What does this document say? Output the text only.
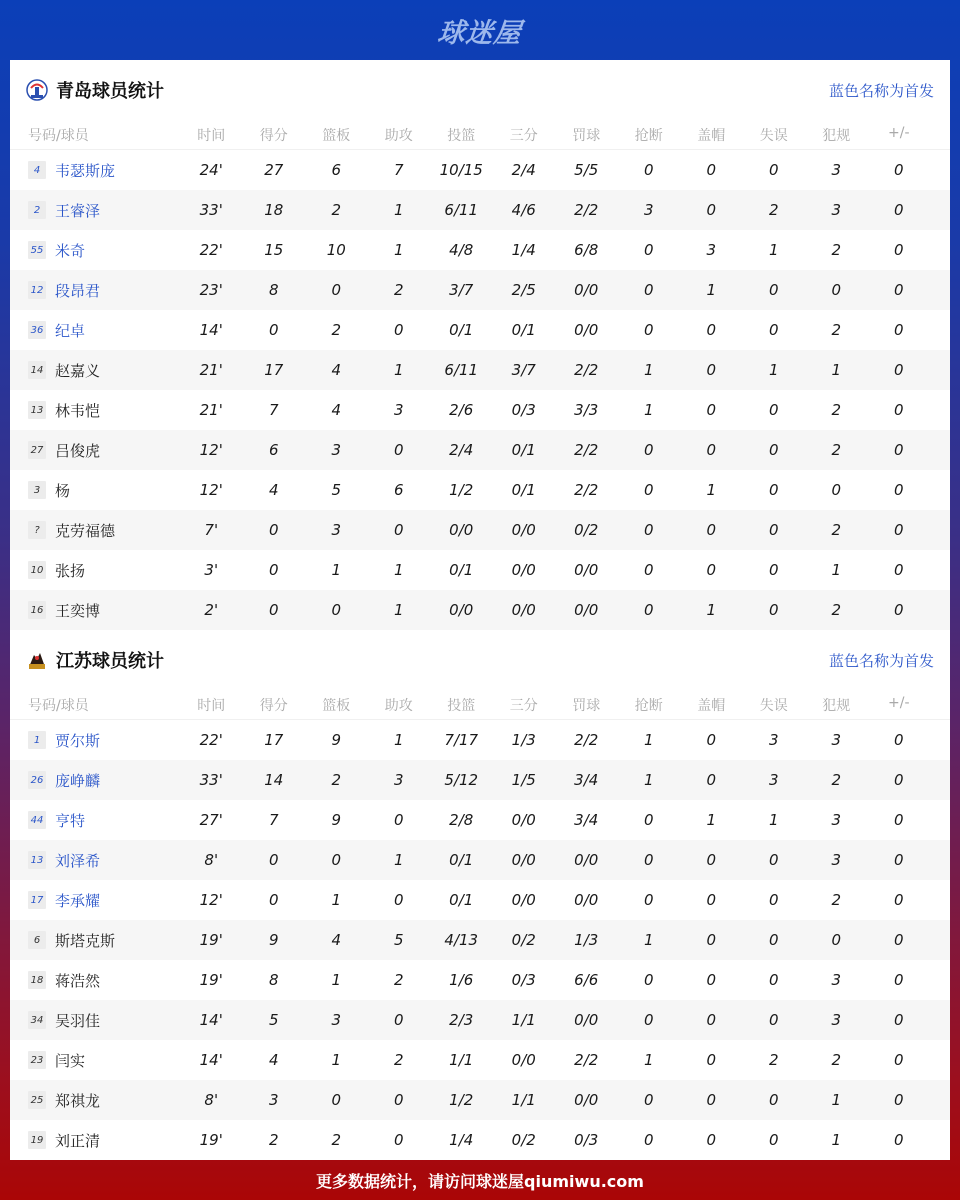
球迷屋
青岛球员统计	蓝色名称为首发
号码/球员	时间	得分	篮板	助攻	投篮	三分	罚球	抢断	盖帽	失误	犯规	+/-
4 韦瑟斯庞	24'	27	6	7	10/15	2/4	5/5	0	0	0	3	0
2 王睿泽	33'	18	2	1	6/11	4/6	2/2	3	0	2	3	0
55 米奇	22'	15	10	1	4/8	1/4	6/8	0	3	1	2	0
12 段昂君	23'	8	0	2	3/7	2/5	0/0	0	1	0	0	0
36 纪卓	14'	0	2	0	0/1	0/1	0/0	0	0	0	2	0
14 赵嘉义	21'	17	4	1	6/11	3/7	2/2	1	0	1	1	0
13 林韦恺	21'	7	4	3	2/6	0/3	3/3	1	0	0	2	0
27 吕俊虎	12'	6	3	0	2/4	0/1	2/2	0	0	0	2	0
3 杨	12'	4	5	6	1/2	0/1	2/2	0	1	0	0	0
?	克劳福德	7'	0	3	0	0/0	0/0	0/2	0	0	0	2	0
10 张扬	3'	0	1	1	0/1	0/0	0/0	0	0	0	1	0
16 王奕博	2'	0	0	1	0/0	0/0	0/0	0	1	0	2	0
江苏球员统计	蓝色名称为首发
号码/球员	时间	得分	篮板	助攻	投篮	三分	罚球	抢断	盖帽	失误	犯规	+/-
1 贾尔斯	22'	17	9	1	7/17	1/3	2/2	1	0	3	3	0
26 庞峥麟	33'	14	2	3	5/12	1/5	3/4	1	0	3	2	0
44 亨特	27'	7	9	0	2/8	0/0	3/4	0	1	1	3	0
13 刘泽希	8'	0	0	1	0/1	0/0	0/0	0	0	0	3	0
17 李承耀	12'	0	1	0	0/1	0/0	0/0	0	0	0	2	0
6 斯塔克斯	19'	9	4	5	4/13	0/2	1/3	1	0	0	0	0
18 蒋浩然	19'	8	1	2	1/6	0/3	6/6	0	0	0	3	0
34 吴羽佳	14'	5	3	0	2/3	1/1	0/0	0	0	0	3	0
23 闫实	14'	4	1	2	1/1	0/0	2/2	1	0	2	2	0
25 郑祺龙	8'	3	0	0	1/2	1/1	0/0	0	0	0	1	0
19 刘正清	19'	2	2	0	1/4	0/2	0/3	0	0	0	1	0
更多数据统计，请访问球迷屋qiumiwu.com
